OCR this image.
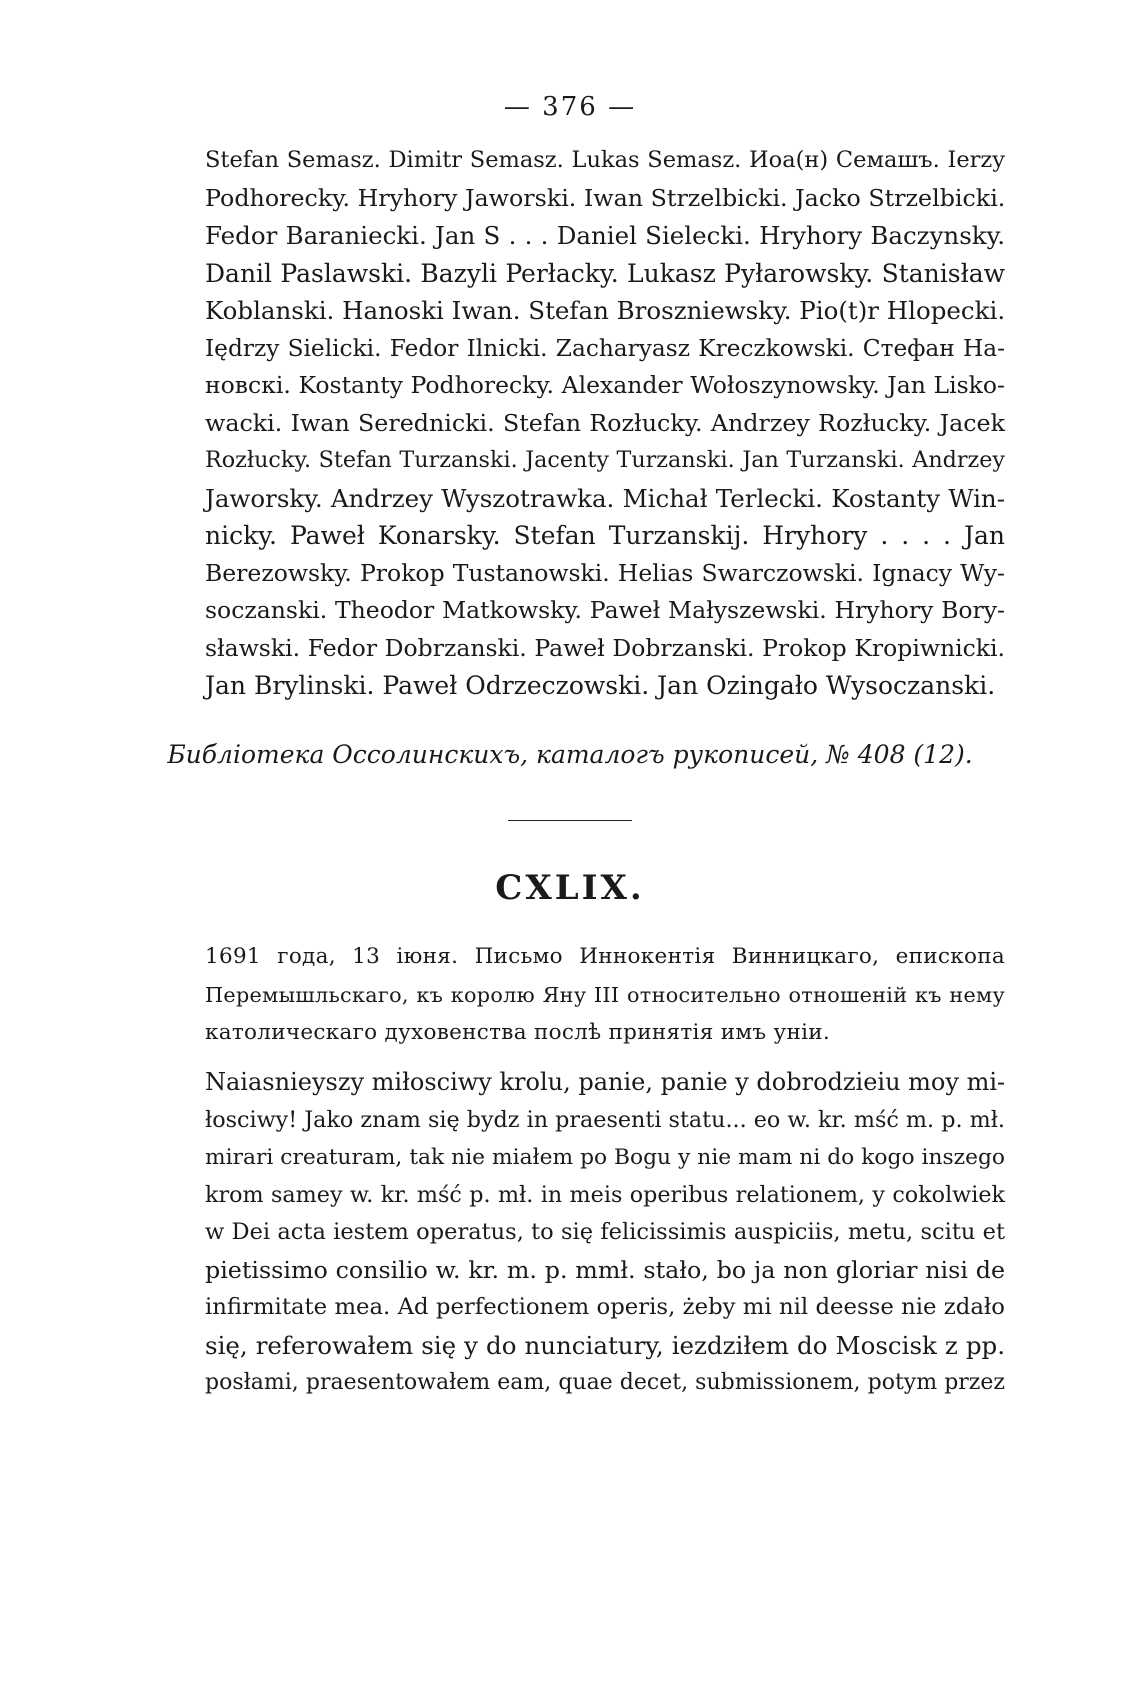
— 376 —
Stefan Semasz. Dimitr Semasz. Lukas Semasz. Иоа(н) Семашъ. Ierzy
Podhorecky. Hryhory Jaworski. Iwan Strzelbicki. Jacko Strzelbicki.
Fedor Baraniecki. Jan S . . . Daniel Sielecki. Hryhory Baczynsky.
Danil Paslawski. Bazyli Perłacky. Lukasz Pyłarowsky. Stanisław
Koblanski. Hanoski Iwan. Stefan Broszniewsky. Pio(t)r Hlopecki.
Iędrzy Sielicki. Fedor Ilnicki. Zacharyasz Kreczkowski. Стефан На-
новскi. Kostanty Podhorecky. Alexander Wołoszynowsky. Jan Lisko-
wacki. Iwan Serednicki. Stefan Rozłucky. Andrzey Rozłucky. Jacek
Rozłucky. Stefan Turzanski. Jacenty Turzanski. Jan Turzanski. Andrzey
Jaworsky. Andrzey Wyszotrawka. Michał Terlecki. Kostanty Win-
nicky. Paweł Konarsky. Stefan Turzanskij. Hryhory . . . . Jan
Berezowsky. Prokop Tustanowski. Helias Swarczowski. Ignacy Wy-
soczanski. Theodor Matkowsky. Paweł Małyszewski. Hryhory Bory-
sławski. Fedor Dobrzanski. Paweł Dobrzanski. Prokop Kropiwnicki.
Jan Brylinski. Paweł Odrzeczowski. Jan Ozingało Wysoczanski.
Библiотека Оссолинскихъ, каталогъ рукописей, № 408 (12).
CXLIX.
1691 года, 13 iюня. Письмо Иннокентiя Винницкаго, епископа
Перемышльскаго, къ королю Яну III относительно отношенiй къ нему
католическаго духовенства послѣ принятiя имъ унiи.
Naiasnieyszy miłosciwy krolu, panie, panie y dobrodzieiu moy mi-
łosciwy! Jako znam się bydz in praesenti statu... eo w. kr. mść m. p. mł.
mirari creaturam, tak nie miałem po Bogu y nie mam ni do kogo inszego
krom samey w. kr. mść p. mł. in meis operibus relationem, y cokolwiek
w Dei acta iestem operatus, to się felicissimis auspiciis, metu, scitu et
pietissimo consilio w. kr. m. p. mmł. stało, bo ja non gloriar nisi de
infirmitate mea. Ad perfectionem operis, żeby mi nil deesse nie zdało
się, referowałem się y do nunciatury, iezdziłem do Moscisk z pp.
posłami, praesentowałem eam, quae decet, submissionem, potym przez
